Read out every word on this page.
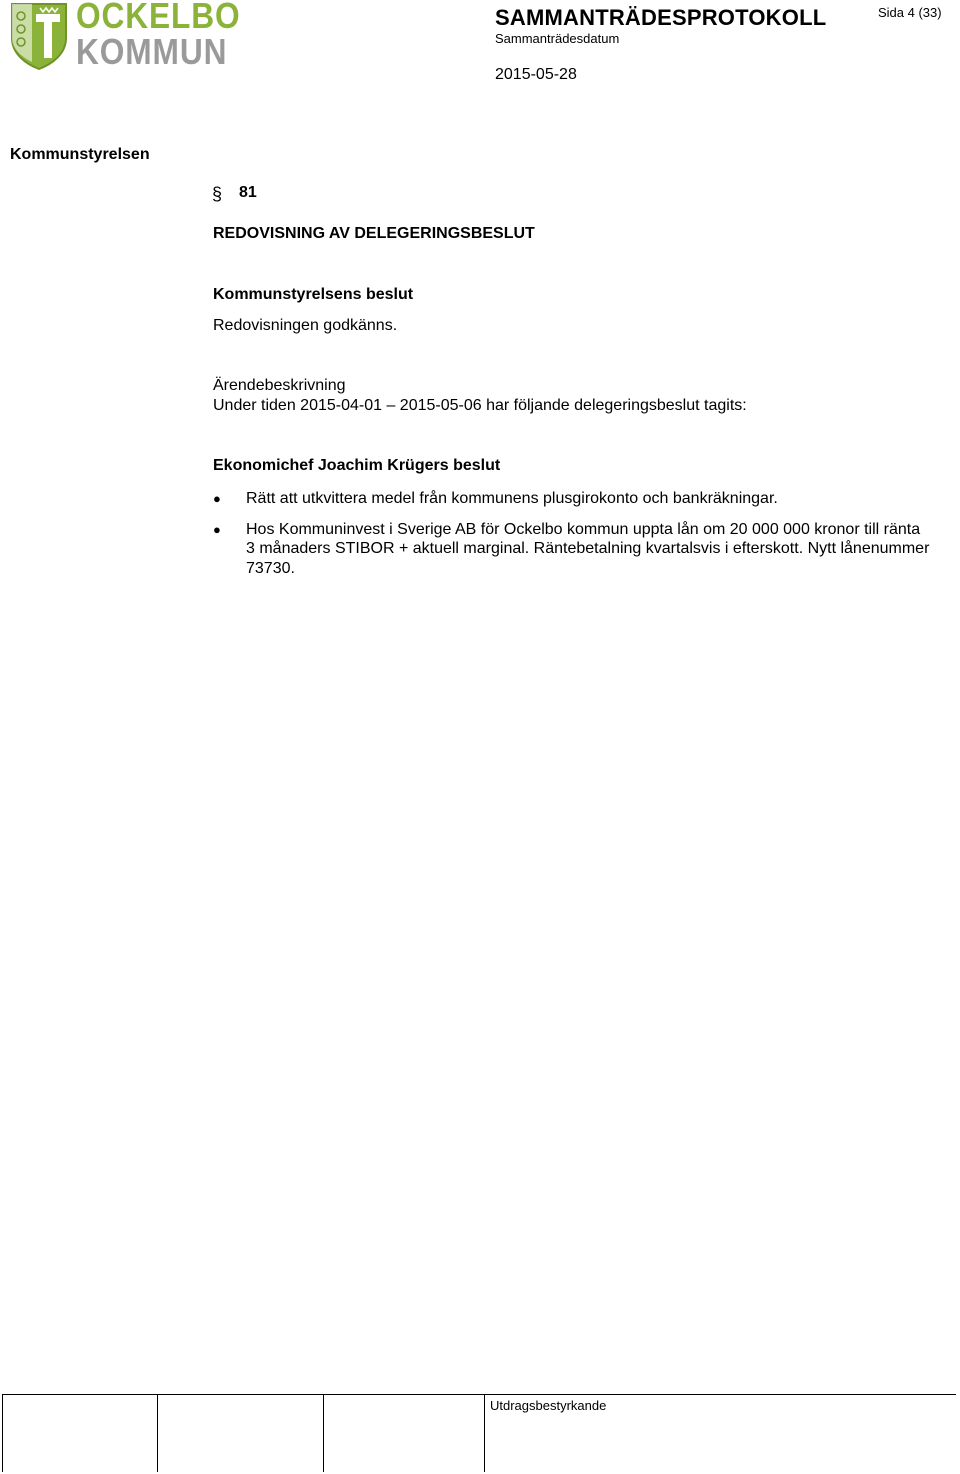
OCKELBO
KOMMUN
SAMMANTRÄDESPROTOKOLL
Sammanträdesdatum
2015-05-28
Sida 4 (33)
Kommunstyrelsen
§ 81
REDOVISNING AV DELEGERINGSBESLUT
Kommunstyrelsens beslut
Redovisningen godkänns.
Ärendebeskrivning
Under tiden 2015-04-01 – 2015-05-06 har följande delegeringsbeslut tagits:
Ekonomichef Joachim Krügers beslut
● Rätt att utkvittera medel från kommunens plusgirokonto och bankräkningar.
● Hos Kommuninvest i Sverige AB för Ockelbo kommun uppta lån om 20 000 000 kronor till ränta 3 månaders STIBOR + aktuell marginal. Räntebetalning kvartalsvis i efterskott. Nytt lånenummer 73730.
Utdragsbestyrkande
